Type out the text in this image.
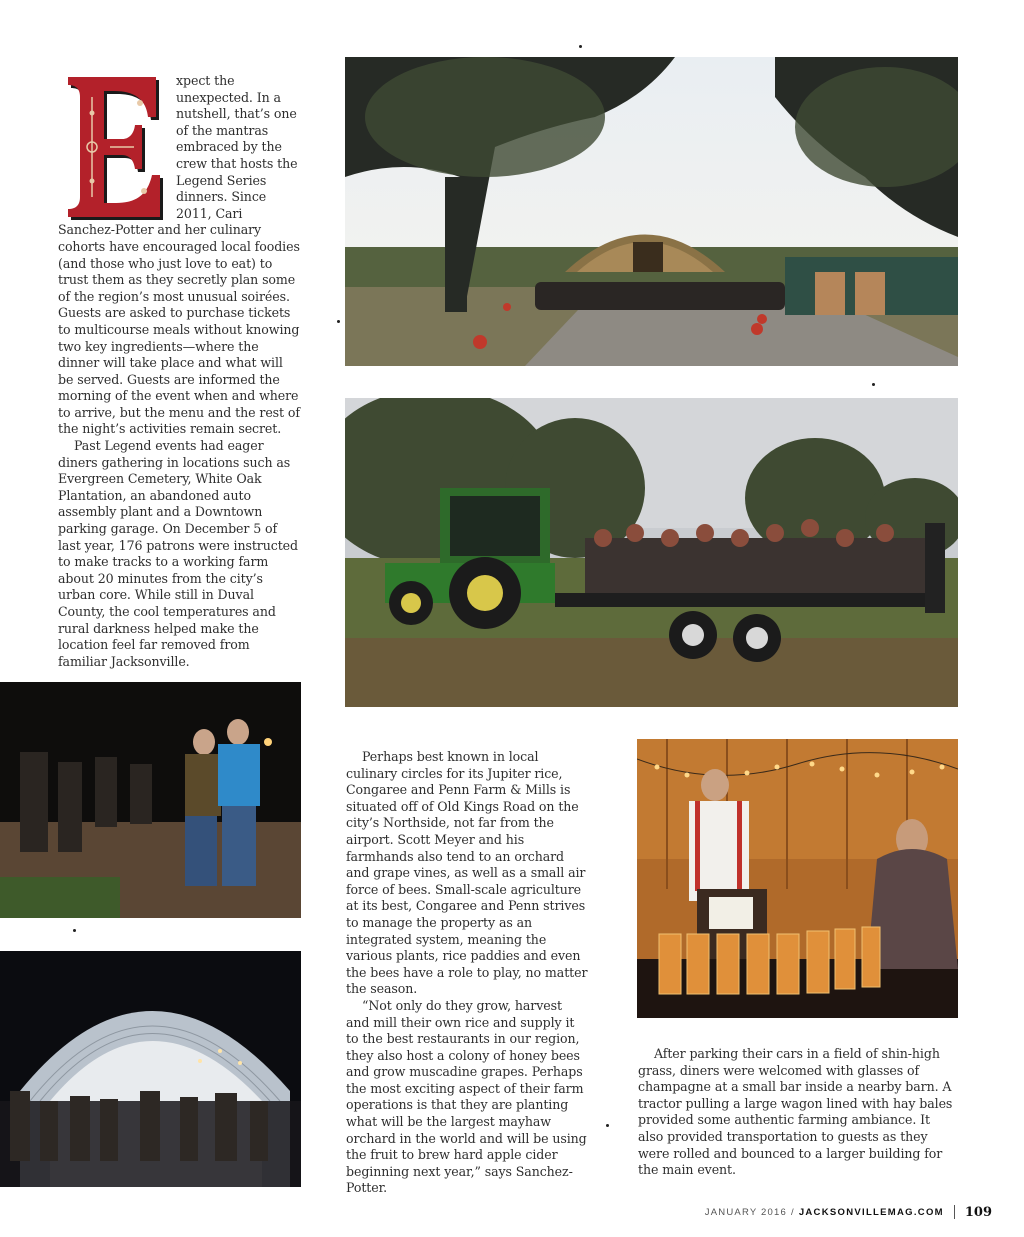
xpect the unexpected. In a nutshell, that’s one of the mantras embraced by the crew that hosts the Legend Series dinners. Since 2011, Cari Sanchez-Potter and her culinary cohorts have encouraged local foodies (and those who just love to eat) to trust them as they secretly plan some of the region’s most unusual soirées. Guests are asked to purchase tickets to multicourse meals without knowing two key ingredients—where the dinner will take place and what will be served. Guests are informed the morning of the event when and where to arrive, but the menu and the rest of the night’s activities remain secret.

Past Legend events had eager diners gathering in locations such as Evergreen Cemetery, White Oak Plantation, an abandoned auto assembly plant and a Downtown parking garage. On December 5 of last year, 176 patrons were instructed to make tracks to a working farm about 20 minutes from the city’s urban core. While still in Duval County, the cool temperatures and rural darkness helped make the location feel far removed from familiar Jacksonville.

Perhaps best known in local culinary circles for its Jupiter rice, Congaree and Penn Farm & Mills is situated off of Old Kings Road on the city’s Northside, not far from the airport. Scott Meyer and his farmhands also tend to an orchard and grape vines, as well as a small air force of bees. Small-scale agriculture at its best, Congaree and Penn strives to manage the property as an integrated system, meaning the various plants, rice paddies and even the bees have a role to play, no matter the season.

“Not only do they grow, harvest and mill their own rice and supply it to the best restaurants in our region, they also host a colony of honey bees and grow muscadine grapes. Perhaps the most exciting aspect of their farm operations is that they are planting what will be the largest mayhaw orchard in the world and will be using the fruit to brew hard apple cider beginning next year,” says Sanchez-Potter.

After parking their cars in a field of shin-high grass, diners were welcomed with glasses of champagne at a small bar inside a nearby barn. A tractor pulling a large wagon lined with hay bales provided some authentic farming ambiance. It also provided transportation to guests as they were rolled and bounced to a larger building for the main event.

JANUARY 2016 / JACKSONVILLEMAG.COM 109
